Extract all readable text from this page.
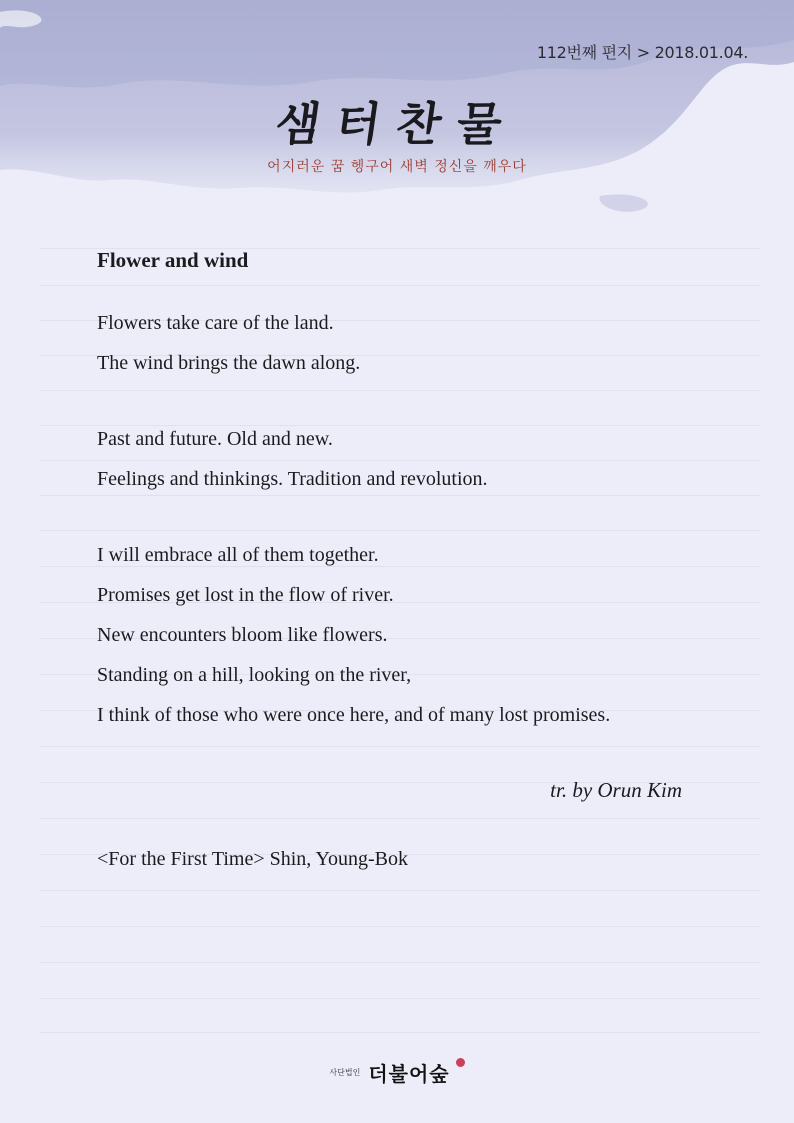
112번째 편지 > 2018.01.04.
샘터찬물
어지러운 꿈 헹구어 새벽 정신을 깨우다
Flower and wind
Flowers take care of the land.
The wind brings the dawn along.
Past and future. Old and new.
Feelings and thinkings. Tradition and revolution.
I will embrace all of them together.
Promises get lost in the flow of river.
New encounters bloom like flowers.
Standing on a hill, looking on the river,
I think of those who were once here, and of many lost promises.
tr. by Orun Kim
<For the First Time> Shin, Young-Bok
사단법인 더불어숲
